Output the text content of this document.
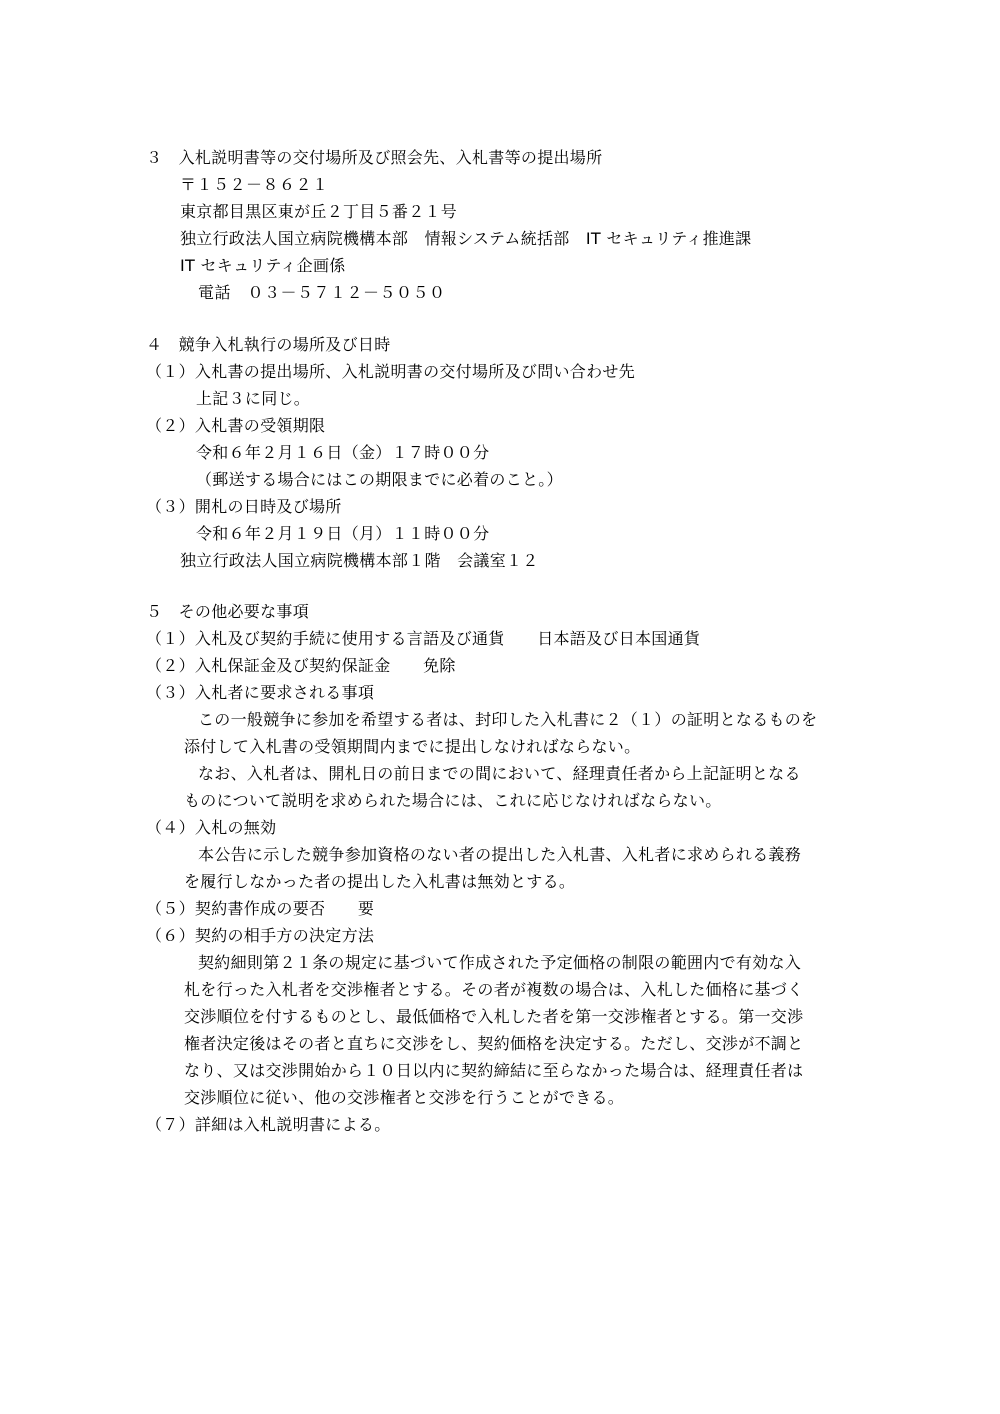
３　入札説明書等の交付場所及び照会先、入札書等の提出場所
〒１５２－８６２１
東京都目黒区東が丘２丁目５番２１号
独立行政法人国立病院機構本部　情報システム統括部　IT セキュリティ推進課
IT セキュリティ企画係
電話　０３－５７１２－５０５０
４　競争入札執行の場所及び日時
（１）入札書の提出場所、入札説明書の交付場所及び問い合わせ先
上記３に同じ。
（２）入札書の受領期限
令和６年２月１６日（金）１７時００分
（郵送する場合にはこの期限までに必着のこと。）
（３）開札の日時及び場所
令和６年２月１９日（月）１１時００分
独立行政法人国立病院機構本部１階　会議室１２
５　その他必要な事項
（１）入札及び契約手続に使用する言語及び通貨　　日本語及び日本国通貨
（２）入札保証金及び契約保証金　　免除
（３）入札者に要求される事項
この一般競争に参加を希望する者は、封印した入札書に２（１）の証明となるものを
添付して入札書の受領期間内までに提出しなければならない。
なお、入札者は、開札日の前日までの間において、経理責任者から上記証明となる
ものについて説明を求められた場合には、これに応じなければならない。
（４）入札の無効
本公告に示した競争参加資格のない者の提出した入札書、入札者に求められる義務
を履行しなかった者の提出した入札書は無効とする。
（５）契約書作成の要否　　要
（６）契約の相手方の決定方法
契約細則第２１条の規定に基づいて作成された予定価格の制限の範囲内で有効な入
札を行った入札者を交渉権者とする。その者が複数の場合は、入札した価格に基づく
交渉順位を付するものとし、最低価格で入札した者を第一交渉権者とする。第一交渉
権者決定後はその者と直ちに交渉をし、契約価格を決定する。ただし、交渉が不調と
なり、又は交渉開始から１０日以内に契約締結に至らなかった場合は、経理責任者は
交渉順位に従い、他の交渉権者と交渉を行うことができる。
（７）詳細は入札説明書による。
